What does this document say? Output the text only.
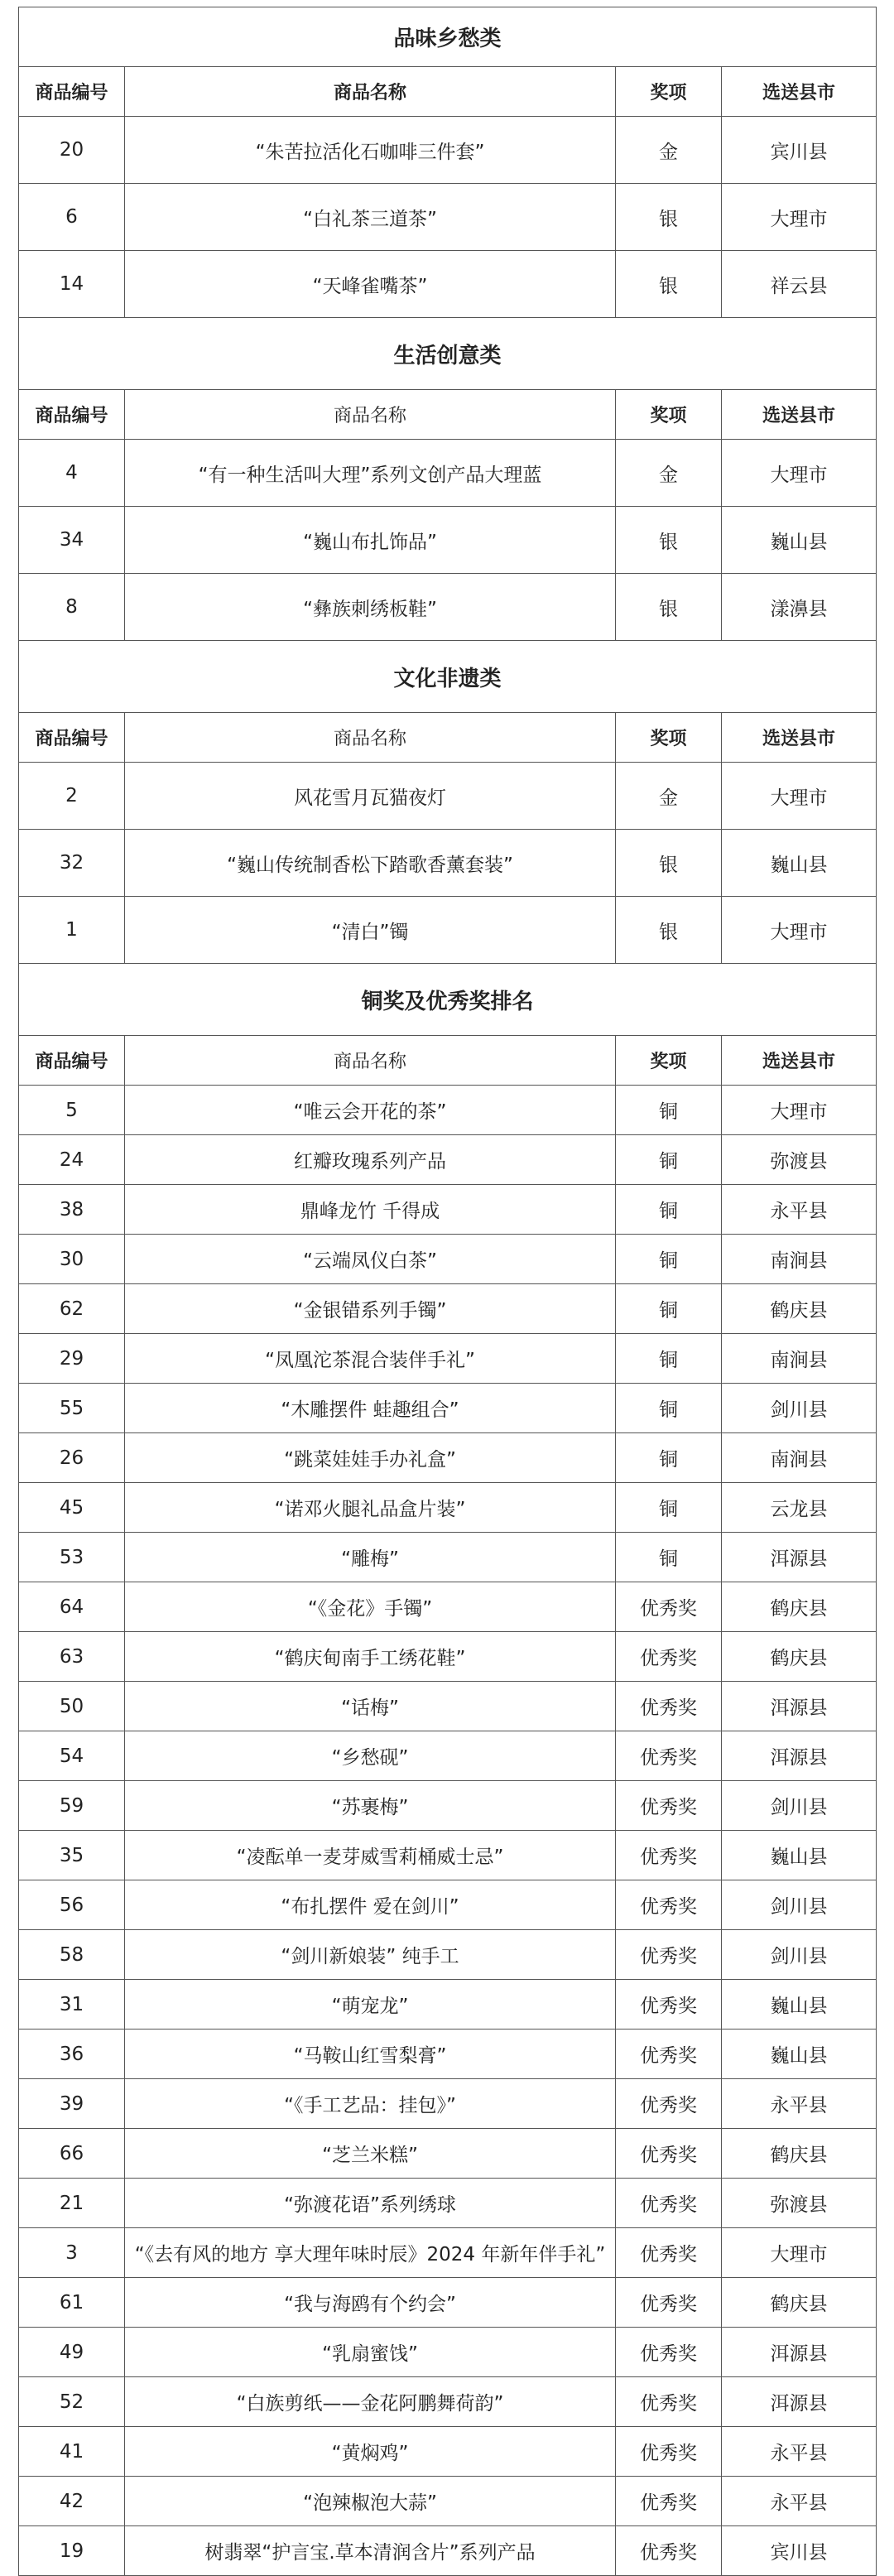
品味乡愁类			
商品编号	商品名称	奖项	选送县市
20	“朱苦拉活化石咖啡三件套”	金	宾川县
6	“白礼茶三道茶”	银	大理市
14	“天峰雀嘴茶”	银	祥云县
生活创意类			
商品编号	商品名称	奖项	选送县市
4	“有一种生活叫大理”系列文创产品大理蓝	金	大理市
34	“巍山布扎饰品”	银	巍山县
8	“彝族刺绣板鞋”	银	漾濞县
文化非遗类			
商品编号	商品名称	奖项	选送县市
2	风花雪月瓦猫夜灯	金	大理市
32	“巍山传统制香松下踏歌香薰套装”	银	巍山县
1	“清白”镯	银	大理市
铜奖及优秀奖排名			
商品编号	商品名称	奖项	选送县市
5	“唯云会开花的茶”	铜	大理市
24	红瓣玫瑰系列产品	铜	弥渡县
38	鼎峰龙竹 千得成	铜	永平县
30	“云端凤仪白茶”	铜	南涧县
62	“金银错系列手镯”	铜	鹤庆县
29	“凤凰沱茶混合装伴手礼”	铜	南涧县
55	“木雕摆件 蛙趣组合”	铜	剑川县
26	“跳菜娃娃手办礼盒”	铜	南涧县
45	“诺邓火腿礼品盒片装”	铜	云龙县
53	“雕梅”	铜	洱源县
64	“《金花》手镯”	优秀奖	鹤庆县
63	“鹤庆甸南手工绣花鞋”	优秀奖	鹤庆县
50	“话梅”	优秀奖	洱源县
54	“乡愁砚”	优秀奖	洱源县
59	“苏裹梅”	优秀奖	剑川县
35	“凌酝单一麦芽威雪莉桶威士忌”	优秀奖	巍山县
56	“布扎摆件 爱在剑川”	优秀奖	剑川县
58	“剑川新娘装” 纯手工	优秀奖	剑川县
31	“萌宠龙”	优秀奖	巍山县
36	“马鞍山红雪梨膏”	优秀奖	巍山县
39	“《手工艺品：挂包》”	优秀奖	永平县
66	“芝兰米糕”	优秀奖	鹤庆县
21	“弥渡花语”系列绣球	优秀奖	弥渡县
3	“《去有风的地方 享大理年味时辰》2024 年新年伴手礼”	优秀奖	大理市
61	“我与海鸥有个约会”	优秀奖	鹤庆县
49	“乳扇蜜饯”	优秀奖	洱源县
52	“白族剪纸——金花阿鹏舞荷韵”	优秀奖	洱源县
41	“黄焖鸡”	优秀奖	永平县
42	“泡辣椒泡大蒜”	优秀奖	永平县
19	树翡翠“护言宝.草本清润含片”系列产品	优秀奖	宾川县
